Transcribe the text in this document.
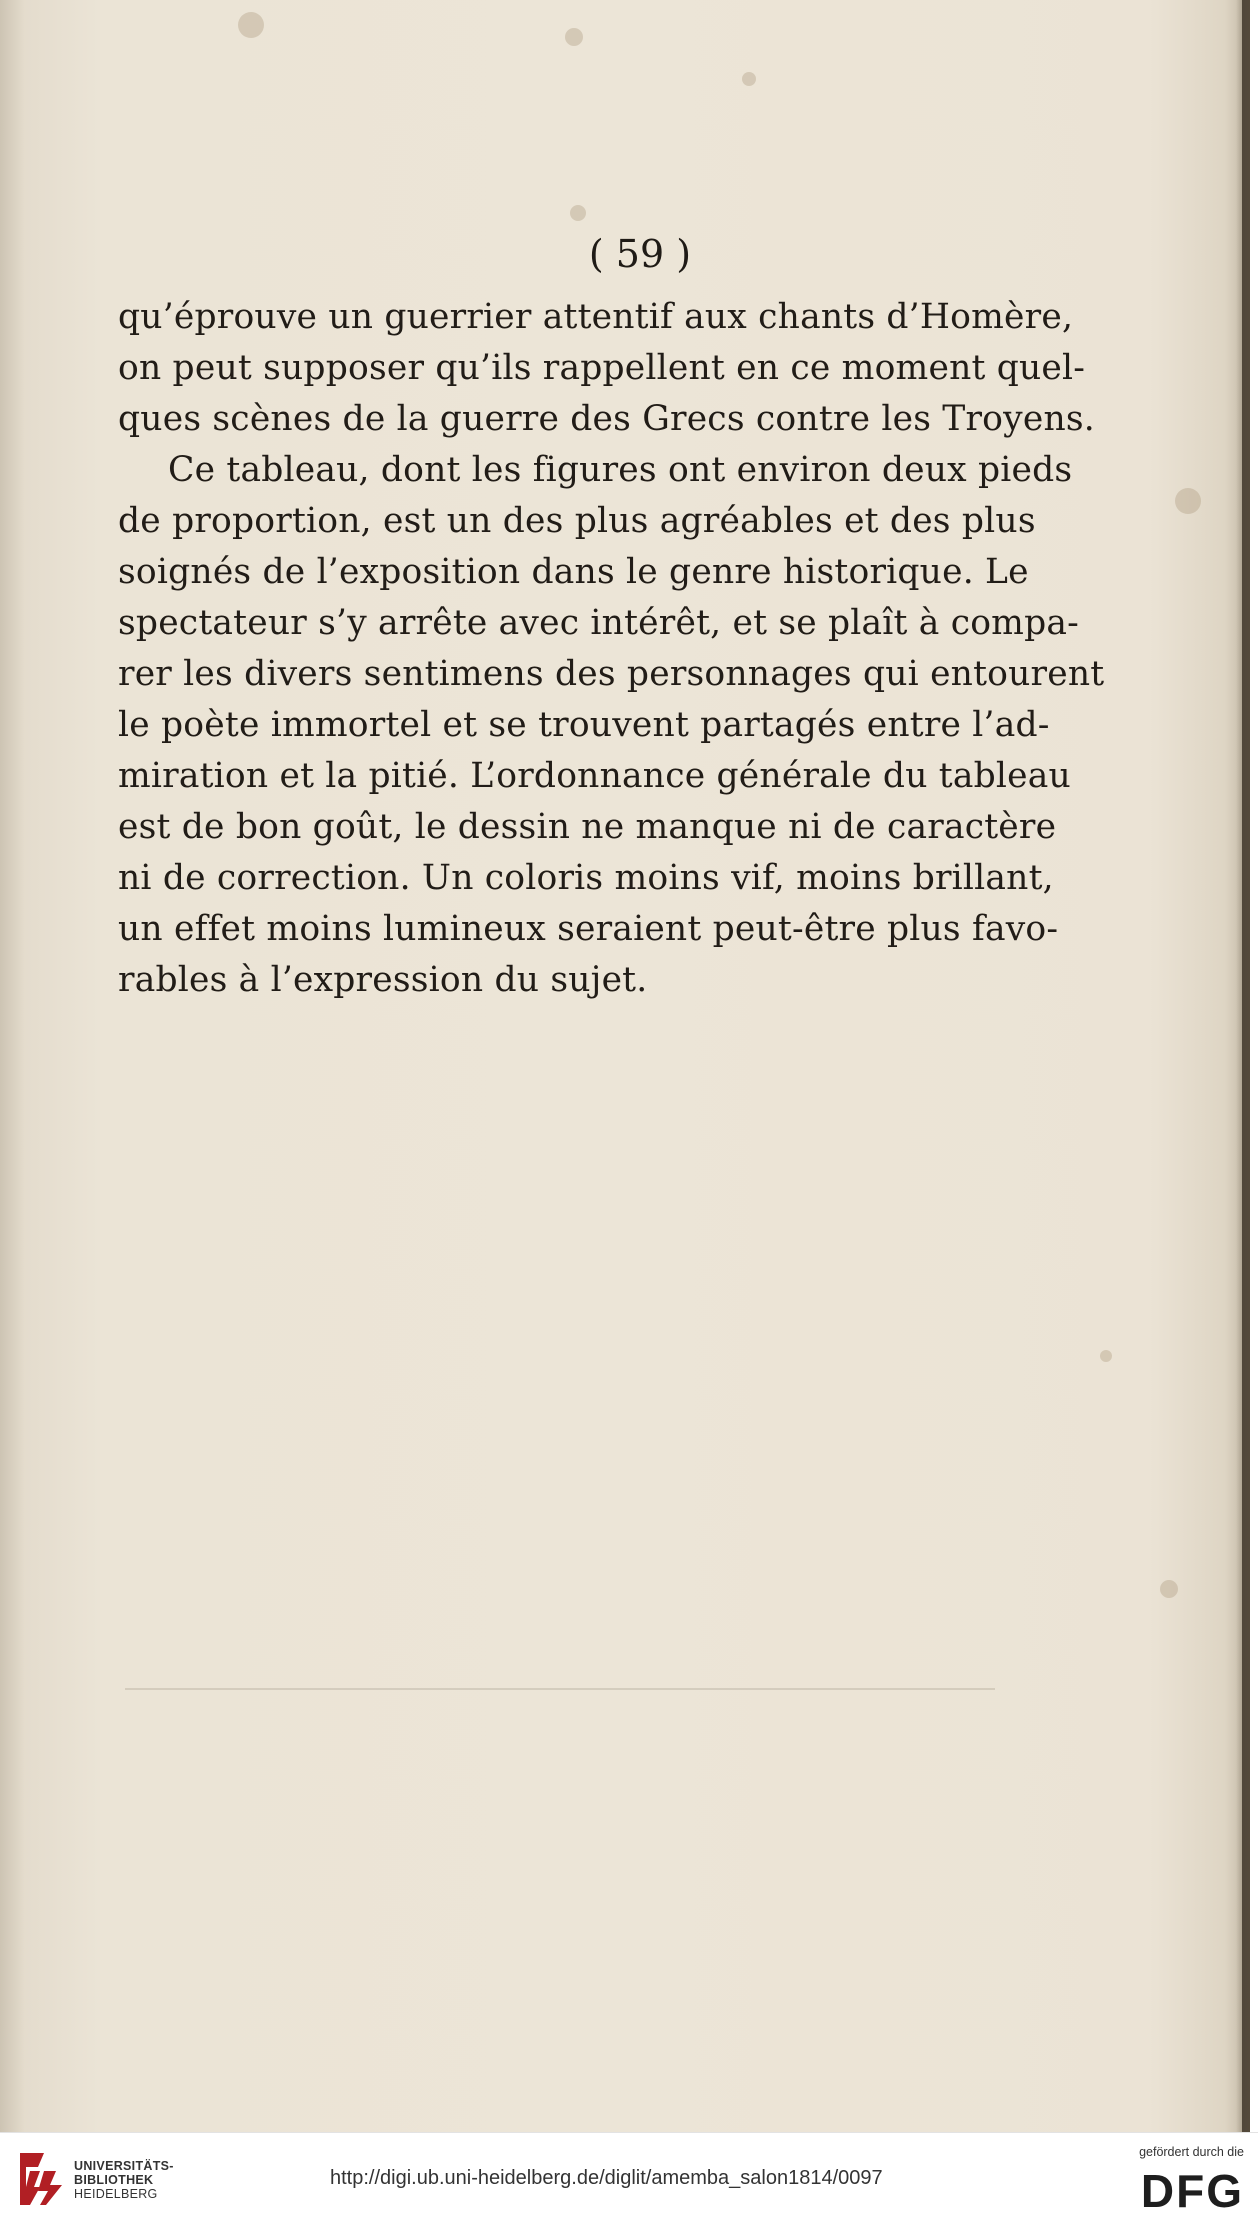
( 59 )
qu’éprouve un guerrier attentif aux chants d’Homère,
on peut supposer qu’ils rappellent en ce moment quel-
ques scènes de la guerre des Grecs contre les Troyens.
Ce tableau, dont les figures ont environ deux pieds
de proportion, est un des plus agréables et des plus
soignés de l’exposition dans le genre historique. Le
spectateur s’y arrête avec intérêt, et se plaît à compa-
rer les divers sentimens des personnages qui entourent
le poète immortel et se trouvent partagés entre l’ad-
miration et la pitié. L’ordonnance générale du tableau
est de bon goût, le dessin ne manque ni de caractère
ni de correction. Un coloris moins vif, moins brillant,
un effet moins lumineux seraient peut-être plus favo-
rables à l’expression du sujet.
UNIVERSITÄTS-
BIBLIOTHEK
HEIDELBERG
http://digi.ub.uni-heidelberg.de/diglit/amemba_salon1814/0097
gefördert durch die
DFG
